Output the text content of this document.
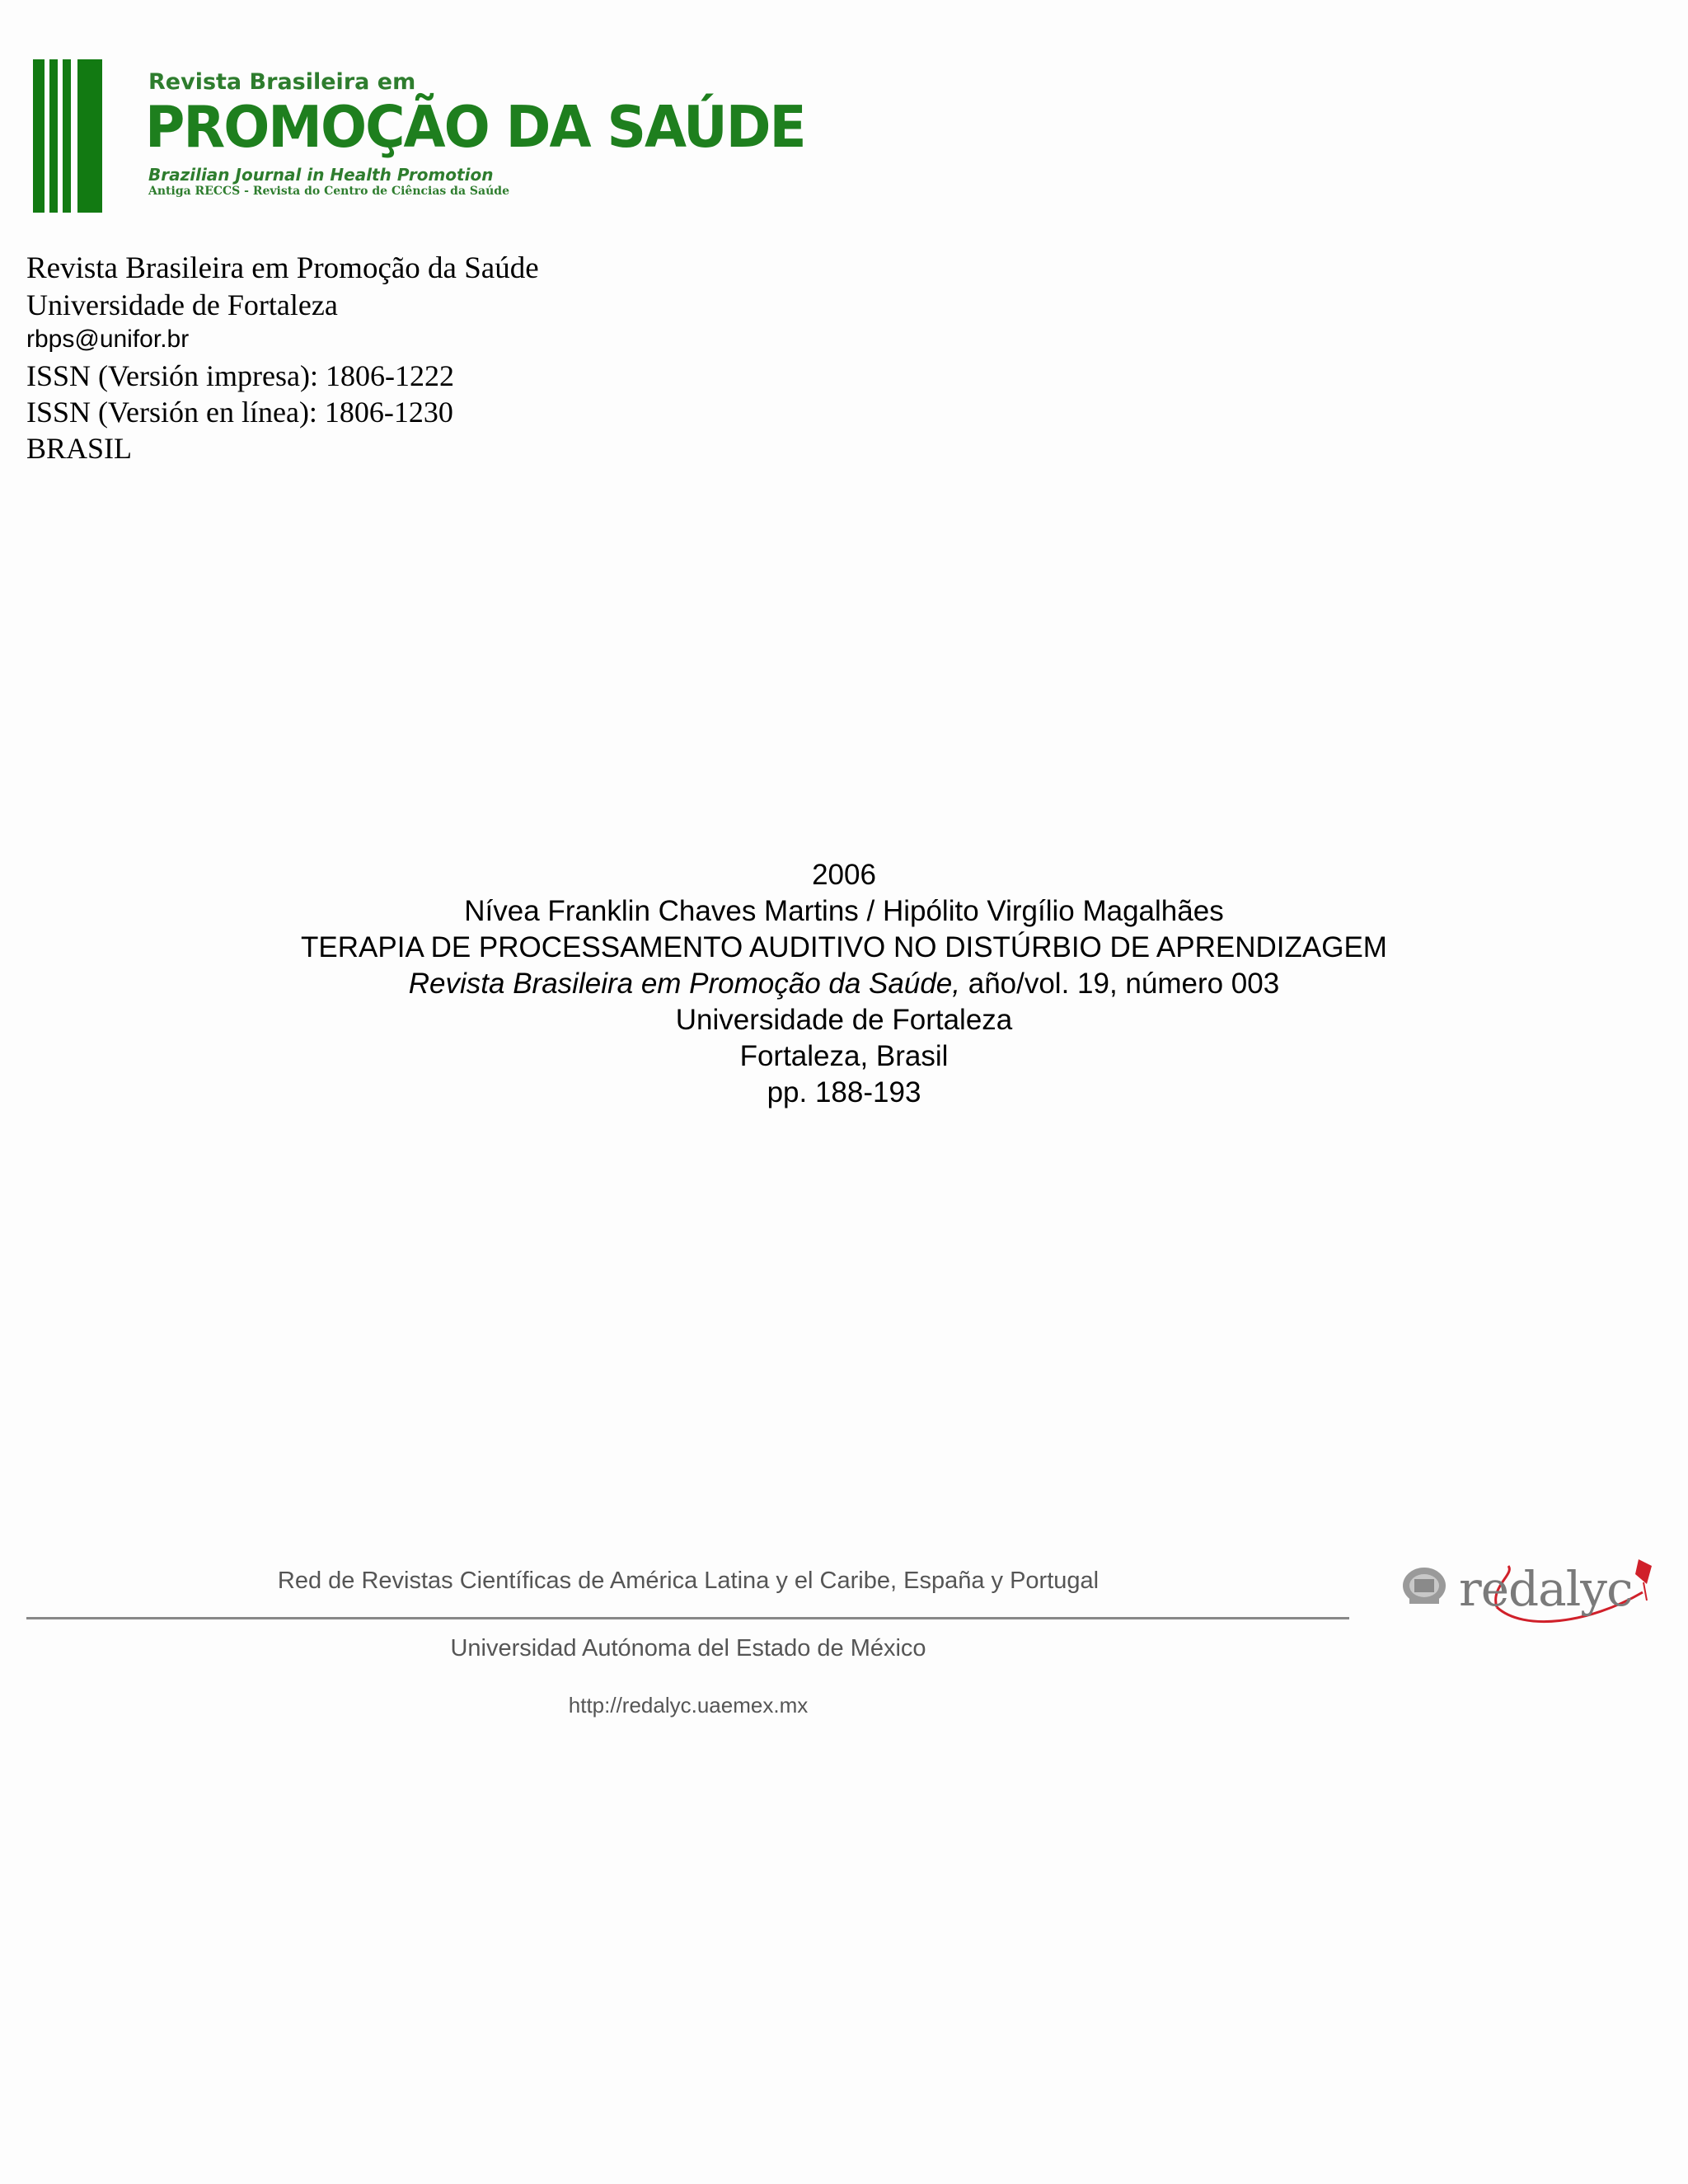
Revista Brasileira em
PROMOÇÃO DA SAÚDE
Brazilian Journal in Health Promotion
Antiga RECCS - Revista do Centro de Ciências da Saúde
Revista Brasileira em Promoção da Saúde
Universidade de Fortaleza
rbps@unifor.br
ISSN (Versión impresa): 1806-1222
ISSN (Versión en línea): 1806-1230
BRASIL
2006
Nívea Franklin Chaves Martins / Hipólito Virgílio Magalhães
TERAPIA DE PROCESSAMENTO AUDITIVO NO DISTÚRBIO DE APRENDIZAGEM
Revista Brasileira em Promoção da Saúde, año/vol. 19, número 003
Universidade de Fortaleza
Fortaleza, Brasil
pp. 188-193
Red de Revistas Científicas de América Latina y el Caribe, España y Portugal
Universidad Autónoma del Estado de México
http://redalyc.uaemex.mx
redalyc
